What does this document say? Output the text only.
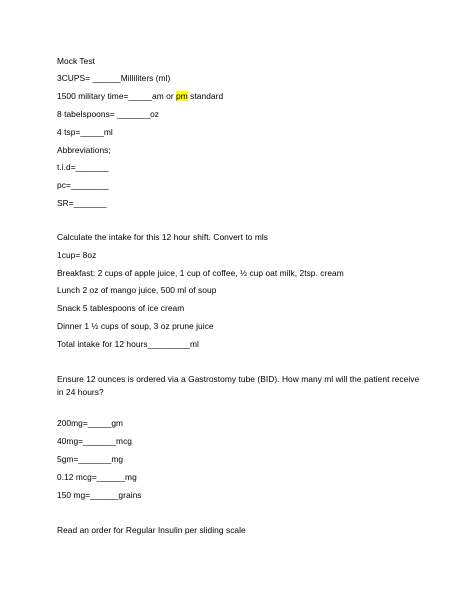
Mock Test
3CUPS= ______Milliliters (ml)
1500 military time=_____am or pm standard
8 tabelspoons= _______oz
4 tsp=_____ml
Abbreviations;
t.i.d=_______
pc=________
SR=_______
Calculate the intake for this 12 hour shift. Convert to mls
1cup= 8oz
Breakfast: 2 cups of apple juice, 1 cup of coffee, ½ cup oat milk, 2tsp. cream
Lunch 2 oz of mango juice, 500 ml of soup
Snack 5 tablespoons of ice cream
Dinner 1 ½ cups of soup, 3 oz prune juice
Total intake for 12 hours_________ml
Ensure 12 ounces is ordered via a Gastrostomy tube (BID). How many ml will the patient receive in 24 hours?
200mg=_____gm
40mg=_______mcg
5gm=_______mg
0.12 mcg=______mg
150 mg=______grains
Read an order for Regular Insulin per sliding scale
